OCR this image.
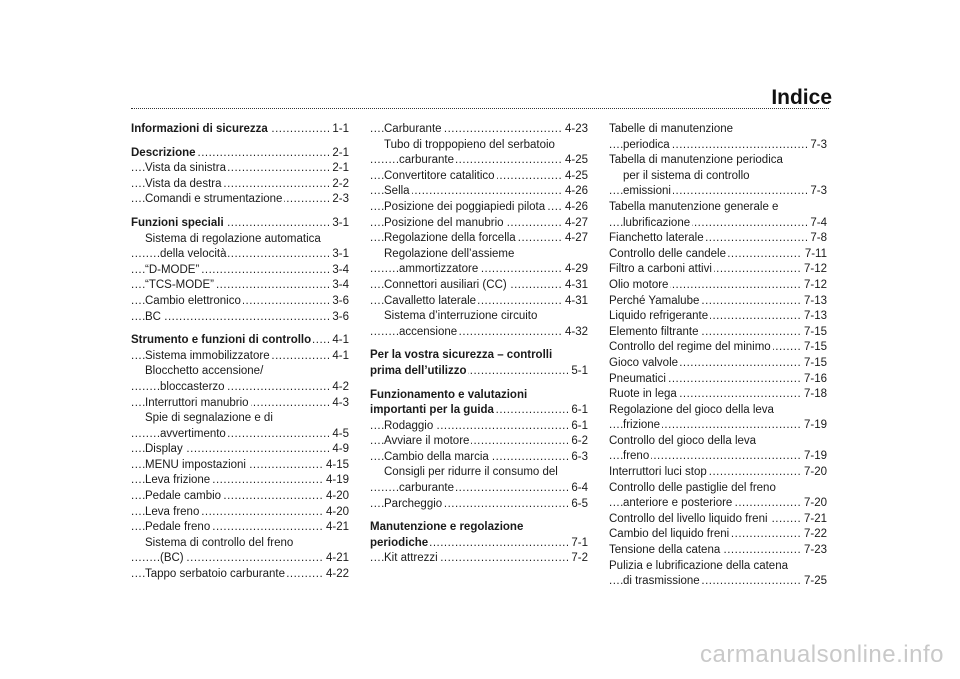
Indice
..... Informazioni di sicurezza	1-1
..... Descrizione	2-1
..... Vista da sinistra	2-1
..... Vista da destra	2-2
..... Comandi e strumentazione	2-3
..... Funzioni speciali	3-1
Sistema di regolazione automatica
..... della velocità	3-1
..... “D-MODE”	3-4
..... “TCS-MODE”	3-4
..... Cambio elettronico	3-6
..... BC	3-6
..... Strumento e funzioni di controllo 4-1
..... Sistema immobilizzatore	4-1
Blocchetto accensione/
..... bloccasterzo	4-2
..... Interruttori manubrio	4-3
Spie di segnalazione e di
..... avvertimento	4-5
..... Display	4-9
..... MENU impostazioni	4-15
..... Leva frizione	4-19
..... Pedale cambio	4-20
..... Leva freno	4-20
..... Pedale freno	4-21
Sistema di controllo del freno
..... (BC)	4-21
..... Tappo serbatoio carburante	4-22
..... Carburante	4-23
Tubo di troppopieno del serbatoio
..... carburante	4-25
..... Convertitore catalitico	4-25
..... Sella	4-26
..... Posizione dei poggiapiedi pilota 4-26
..... Posizione del manubrio	4-27
..... Regolazione della forcella	4-27
Regolazione dell’assieme
..... ammortizzatore	4-29
..... Connettori ausiliari (CC)	4-31
..... Cavalletto laterale	4-31
Sistema d’interruzione circuito
..... accensione	4-32
Per la vostra sicurezza – controlli
..... prima dell’utilizzo	5-1
Funzionamento e valutazioni
..... importanti per la guida	6-1
..... Rodaggio	6-1
..... Avviare il motore	6-2
..... Cambio della marcia	6-3
Consigli per ridurre il consumo del
..... carburante	6-4
..... Parcheggio	6-5
Manutenzione e regolazione
..... periodiche	7-1
..... Kit attrezzi	7-2
Tabelle di manutenzione
..... periodica	7-3
Tabella di manutenzione periodica
per il sistema di controllo
..... emissioni	7-3
Tabella manutenzione generale e
..... lubrificazione	7-4
..... Fianchetto laterale	7-8
..... Controllo delle candele	7-11
..... Filtro a carboni attivi	7-12
..... Olio motore	7-12
..... Perché Yamalube	7-13
..... Liquido refrigerante	7-13
..... Elemento filtrante	7-15
..... Controllo del regime del minimo	7-15
..... Gioco valvole	7-15
..... Pneumatici	7-16
..... Ruote in lega	7-18
Regolazione del gioco della leva
..... frizione	7-19
Controllo del gioco della leva
..... freno	7-19
..... Interruttori luci stop	7-20
Controllo delle pastiglie del freno
..... anteriore e posteriore	7-20
..... Controllo del livello liquido freni	7-21
..... Cambio del liquido freni	7-22
..... Tensione della catena	7-23
Pulizia e lubrificazione della catena
..... di trasmissione	7-25
carmanualsonline.info
